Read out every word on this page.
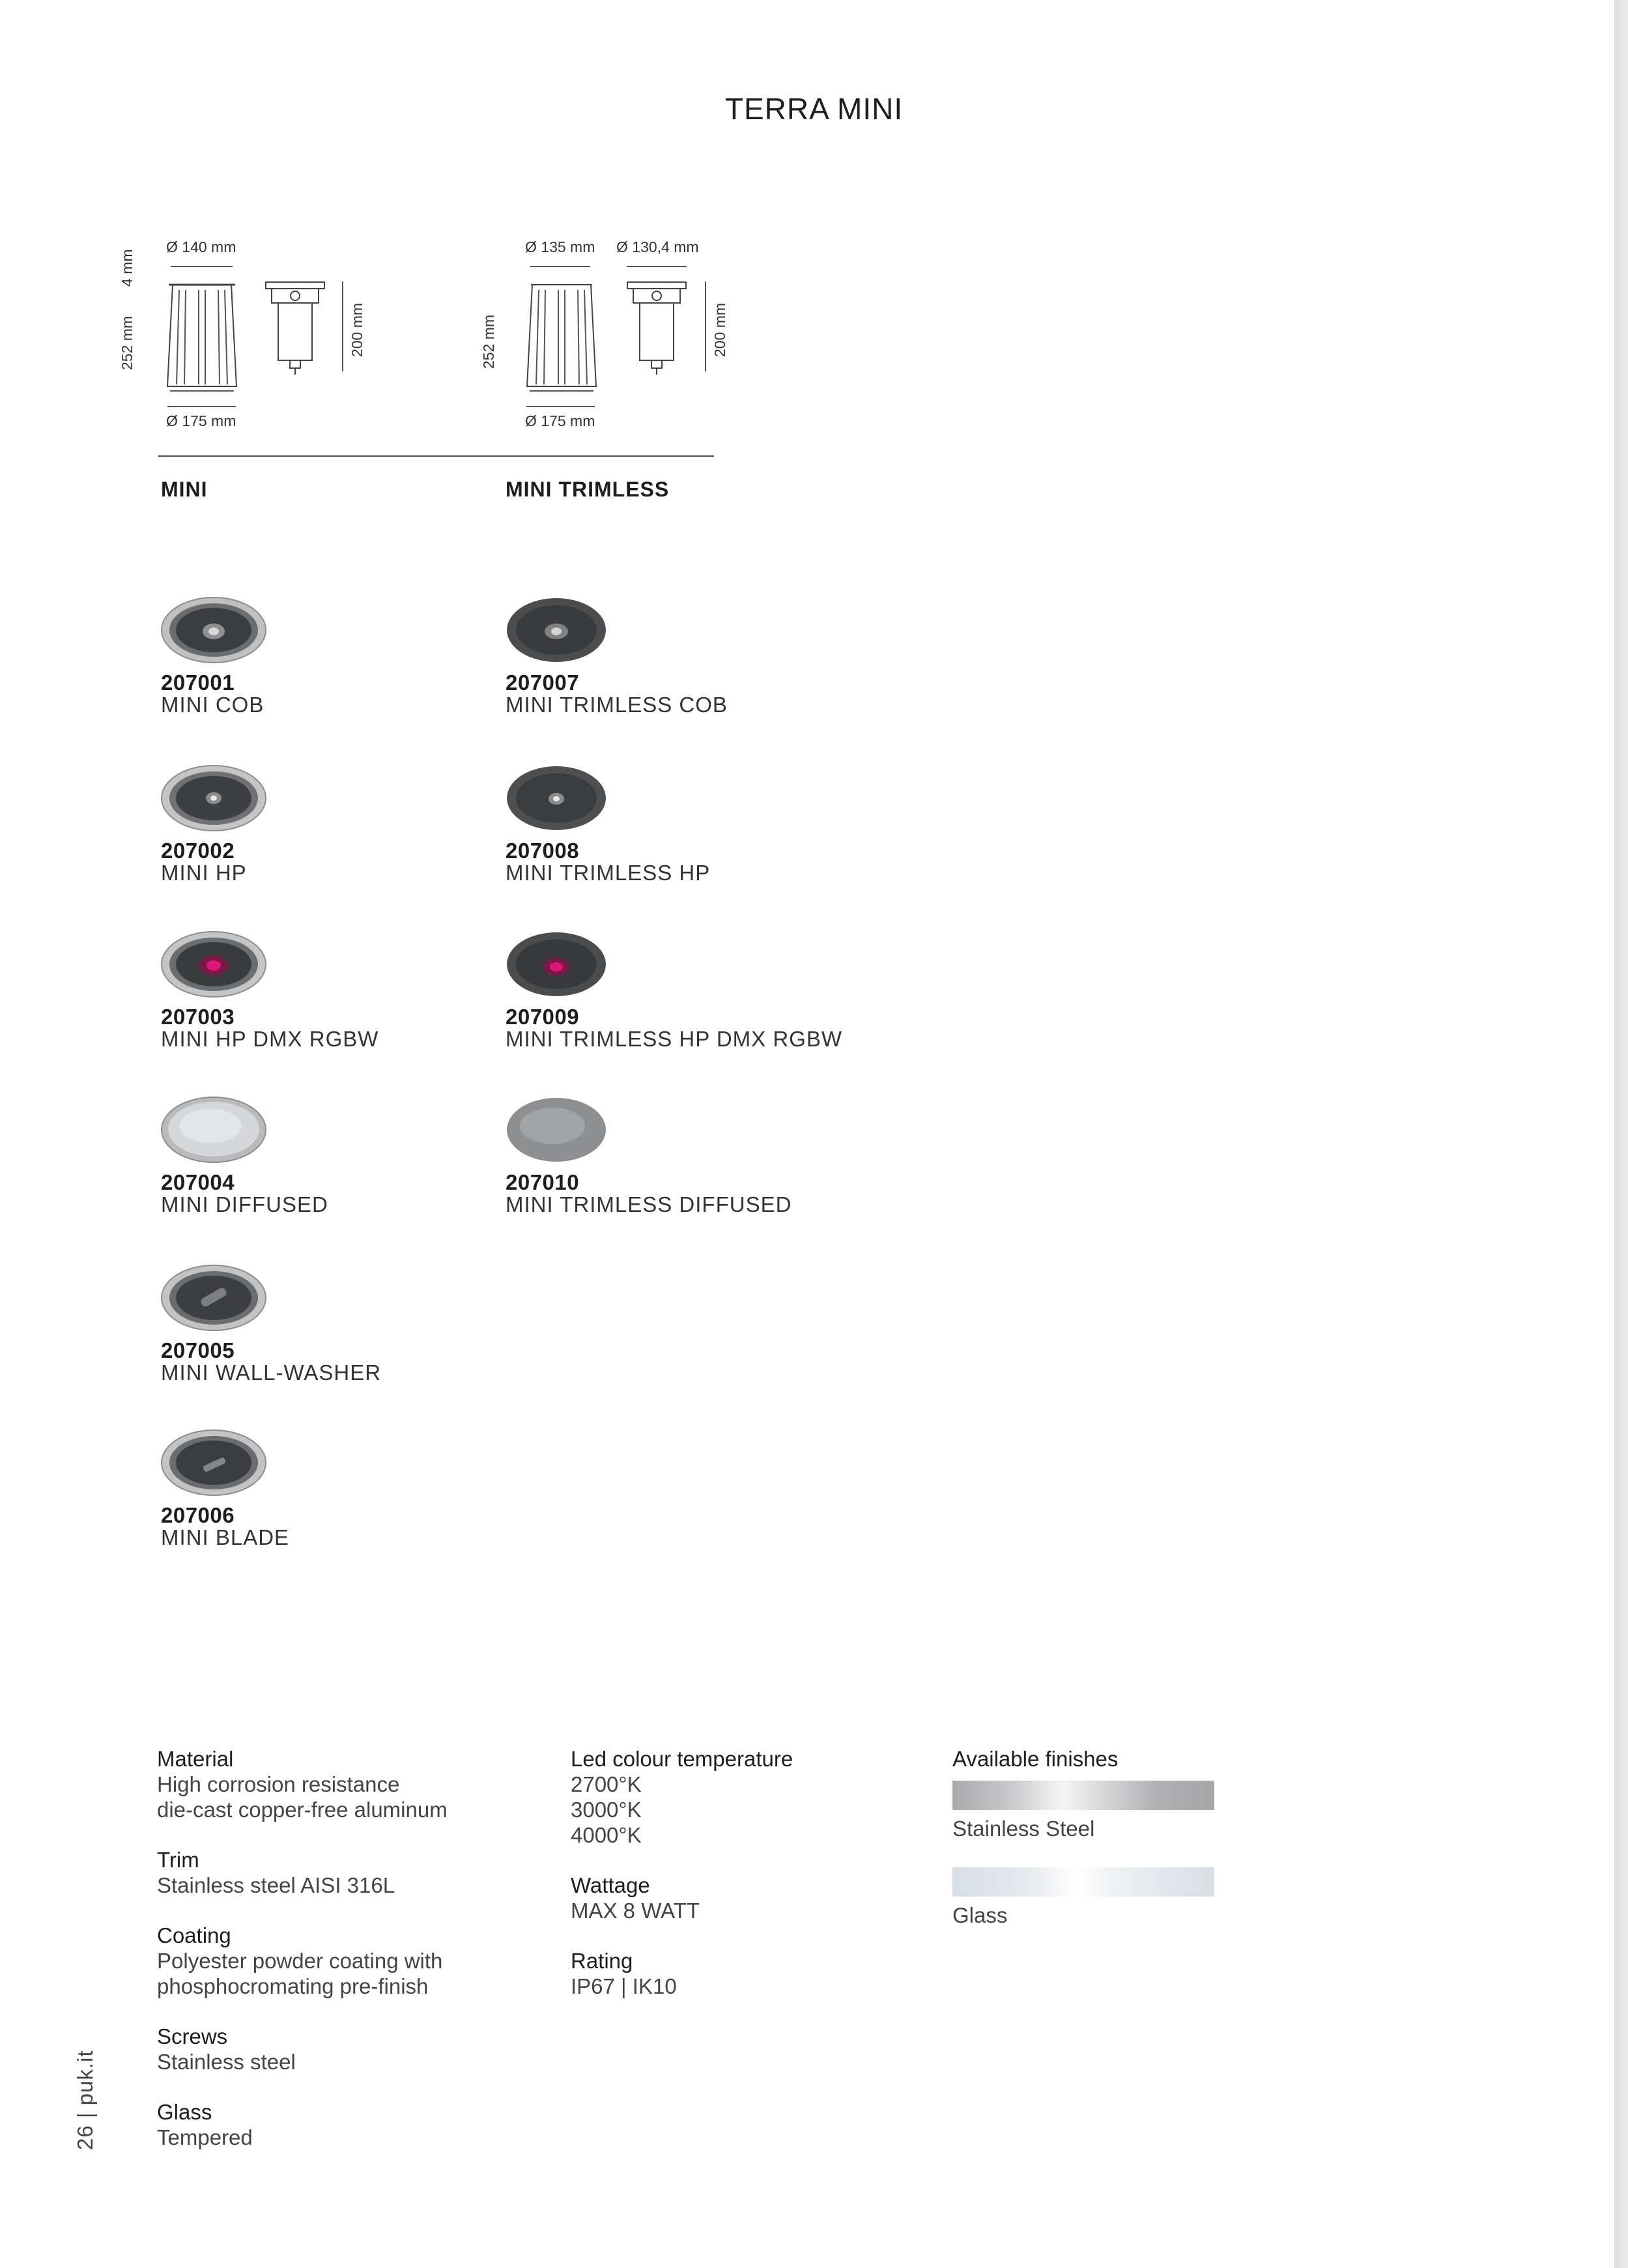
TERRA MINI
Ø 140 mm
4 mm
252 mm
Ø 175 mm
200 mm
Ø 135 mm Ø 130,4 mm
252 mm
Ø 175 mm
200 mm
MINI	MINI TRIMLESS
207001
MINI COB
207002
MINI HP
207003
MINI HP DMX RGBW
207004
MINI DIFFUSED
207005
MINI WALL-WASHER
207006
MINI BLADE
207007
MINI TRIMLESS COB
207008
MINI TRIMLESS HP
207009
MINI TRIMLESS HP DMX RGBW
207010
MINI TRIMLESS DIFFUSED
Material
High corrosion resistance
die-cast copper-free aluminum
Trim
Stainless steel AISI 316L
Coating
Polyester powder coating with
phosphocromating pre-finish
Screws
Stainless steel
Glass
Tempered
Led colour temperature
2700°K
3000°K
4000°K
Wattage
MAX 8 WATT
Rating
IP67 | IK10
Available finishes
Stainless Steel
Glass
26 | puk.it
